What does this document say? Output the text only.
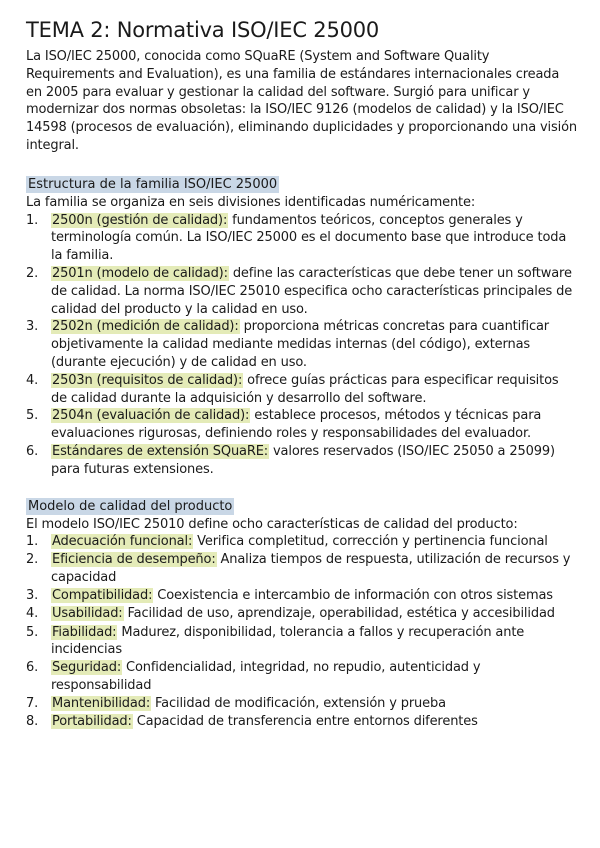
TEMA 2: Normativa ISO/IEC 25000

La ISO/IEC 25000, conocida como SQuaRE (System and Software Quality Requirements and Evaluation), es una familia de estándares internacionales creada en 2005 para evaluar y gestionar la calidad del software. Surgió para unificar y modernizar dos normas obsoletas: la ISO/IEC 9126 (modelos de calidad) y la ISO/IEC 14598 (procesos de evaluación), eliminando duplicidades y proporcionando una visión integral.

Estructura de la familia ISO/IEC 25000

La familia se organiza en seis divisiones identificadas numéricamente:

1.	2500n (gestión de calidad): fundamentos teóricos, conceptos generales y terminología común. La ISO/IEC 25000 es el documento base que introduce toda la familia.
2.	2501n (modelo de calidad): define las características que debe tener un software de calidad. La norma ISO/IEC 25010 especifica ocho características principales de calidad del producto y la calidad en uso.
3.	2502n (medición de calidad): proporciona métricas concretas para cuantificar objetivamente la calidad mediante medidas internas (del código), externas (durante ejecución) y de calidad en uso.
4.	2503n (requisitos de calidad): ofrece guías prácticas para especificar requisitos de calidad durante la adquisición y desarrollo del software.
5.	2504n (evaluación de calidad): establece procesos, métodos y técnicas para evaluaciones rigurosas, definiendo roles y responsabilidades del evaluador.
6.	Estándares de extensión SQuaRE: valores reservados (ISO/IEC 25050 a 25099) para futuras extensiones.
Modelo de calidad del producto

El modelo ISO/IEC 25010 define ocho características de calidad del producto:

1.	Adecuación funcional: Verifica completitud, corrección y pertinencia funcional
2.	Eficiencia de desempeño: Analiza tiempos de respuesta, utilización de recursos y capacidad
3.	Compatibilidad: Coexistencia e intercambio de información con otros sistemas
4.	Usabilidad: Facilidad de uso, aprendizaje, operabilidad, estética y accesibilidad
5.	Fiabilidad: Madurez, disponibilidad, tolerancia a fallos y recuperación ante incidencias
6.	Seguridad: Confidencialidad, integridad, no repudio, autenticidad y responsabilidad
7.	Mantenibilidad: Facilidad de modificación, extensión y prueba
8.	Portabilidad: Capacidad de transferencia entre entornos diferentes
